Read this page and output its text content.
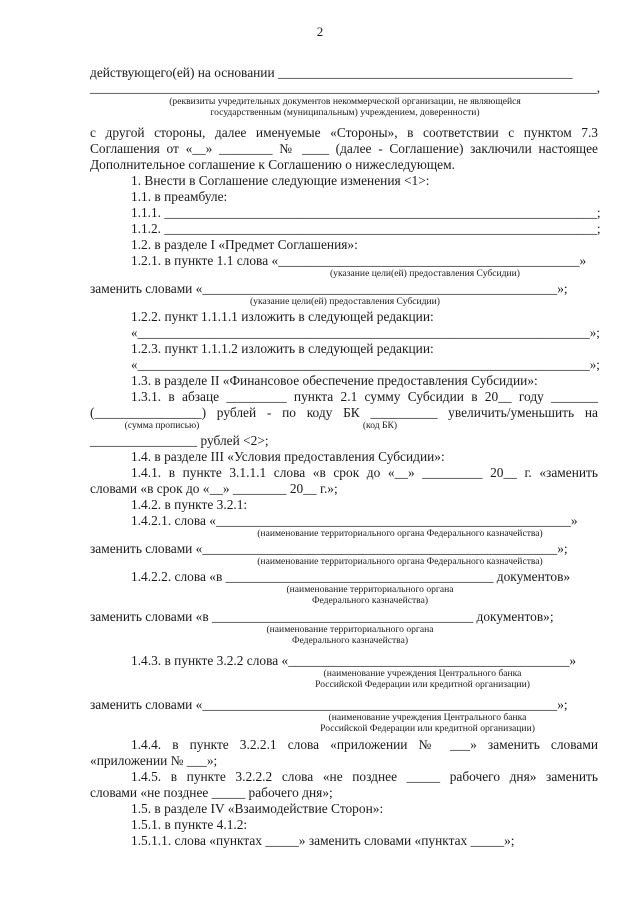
2
действующего(ей) на основании ____________________________________________
____________________________________________________________________________,
(реквизиты учредительных документов некоммерческой организации, не являющейся
государственным (муниципальным) учреждением, доверенности)
с другой стороны, далее именуемые «Стороны», в соответствии с пунктом 7.3
Соглашения от «__» ________ № ____ (далее - Соглашение) заключили настоящее
Дополнительное соглашение к Соглашению о нижеследующем.
1. Внести в Соглашение следующие изменения <1>:
1.1. в преамбуле:
1.1.1. _________________________________________________________________;
1.1.2. _________________________________________________________________;
1.2. в разделе I «Предмет Соглашения»:
1.2.1. в пункте 1.1 слова «_____________________________________________»
(указание цели(ей) предоставления Субсидии)
заменить словами «_____________________________________________________»;
(указание цели(ей) предоставления Субсидии)
1.2.2. пункт 1.1.1.1 изложить в следующей редакции:
«______________________________________________________________________»;
1.2.3. пункт 1.1.1.2 изложить в следующей редакции:
«______________________________________________________________________»;
1.3. в разделе II «Финансовое обеспечение предоставления Субсидии»:
1.3.1. в абзаце _________ пункта 2.1 сумму Субсидии в 20__ году _______
(________________) рублей - по коду БК __________ увеличить/уменьшить на
(сумма прописью)	(код БК)
________________ рублей <2>;
1.4. в разделе III «Условия предоставления Субсидии»:
1.4.1. в пункте 3.1.1.1 слова «в срок до «__» _________ 20__ г. «заменить
словами «в срок до «__» ________ 20__ г.»;
1.4.2. в пункте 3.2.1:
1.4.2.1. слова «_____________________________________________________»
(наименование территориального органа Федерального казначейства)
заменить словами «_____________________________________________________»;
(наименование территориального органа Федерального казначейства)
1.4.2.2. слова «в ________________________________________ документов»
(наименование территориального органа
Федерального казначейства)
заменить словами «в _______________________________________ документов»;
(наименование территориального органа
Федерального казначейства)
1.4.3. в пункте 3.2.2 слова «__________________________________________»
(наименование учреждения Центрального банка
Российской Федерации или кредитной организации)
заменить словами «_____________________________________________________»;
(наименование учреждения Центрального банка
Российской Федерации или кредитной организации)
1.4.4. в пункте 3.2.2.1 слова «приложении № ___» заменить словами
«приложении № ___»;
1.4.5. в пункте 3.2.2.2 слова «не позднее _____ рабочего дня» заменить
словами «не позднее _____ рабочего дня»;
1.5. в разделе IV «Взаимодействие Сторон»:
1.5.1. в пункте 4.1.2:
1.5.1.1. слова «пунктах _____» заменить словами «пунктах _____»;
